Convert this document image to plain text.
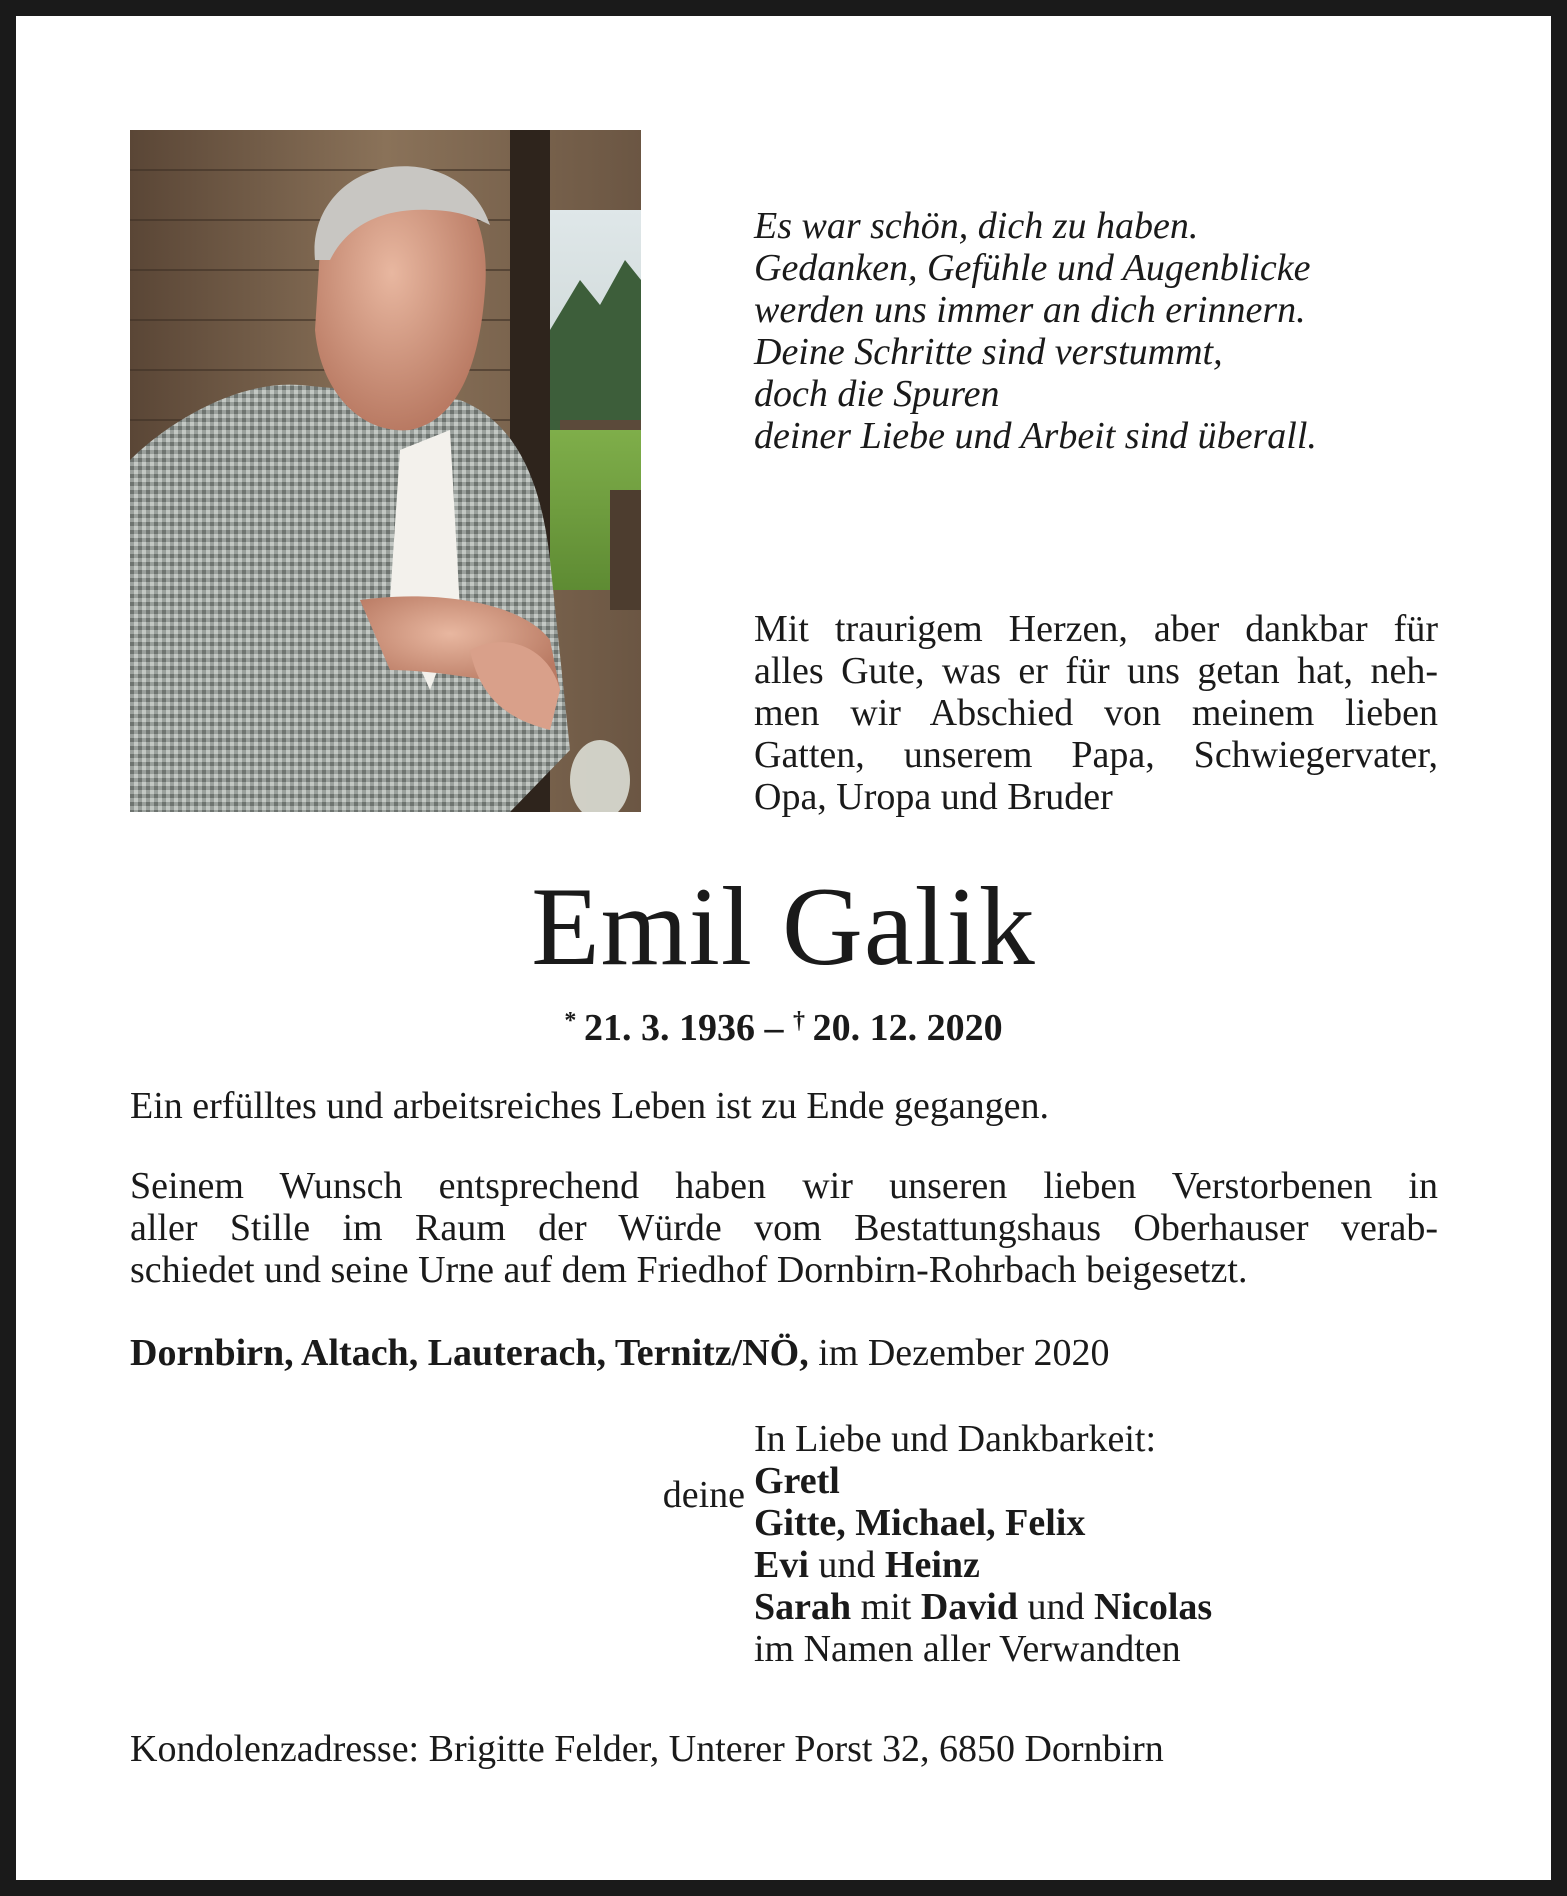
Es war schön, dich zu haben.
Gedanken, Gefühle und Augenblicke
werden uns immer an dich erinnern.
Deine Schritte sind verstummt,
doch die Spuren
deiner Liebe und Arbeit sind überall.
Mit traurigem Herzen, aber dankbar für
alles Gute, was er für uns getan hat, neh-
men wir Abschied von meinem lieben
Gatten, unserem Papa, Schwiegervater,
Opa, Uropa und Bruder
Emil Galik
*  21. 3. 1936 – †  20. 12. 2020
Ein erfülltes und arbeitsreiches Leben ist zu Ende gegangen.
Seinem Wunsch entsprechend haben wir unseren lieben Verstorbenen in
aller Stille im Raum der Würde vom Bestattungshaus Oberhauser verab-
schiedet und seine Urne auf dem Friedhof Dornbirn-Rohrbach beigesetzt.
Dornbirn, Altach, Lauterach, Ternitz/NÖ, im Dezember 2020
deine
In Liebe und Dankbarkeit:
Gretl
Gitte, Michael, Felix
Evi und Heinz
Sarah mit David und Nicolas
im Namen aller Verwandten
Kondolenzadresse: Brigitte Felder, Unterer Porst 32, 6850 Dornbirn
